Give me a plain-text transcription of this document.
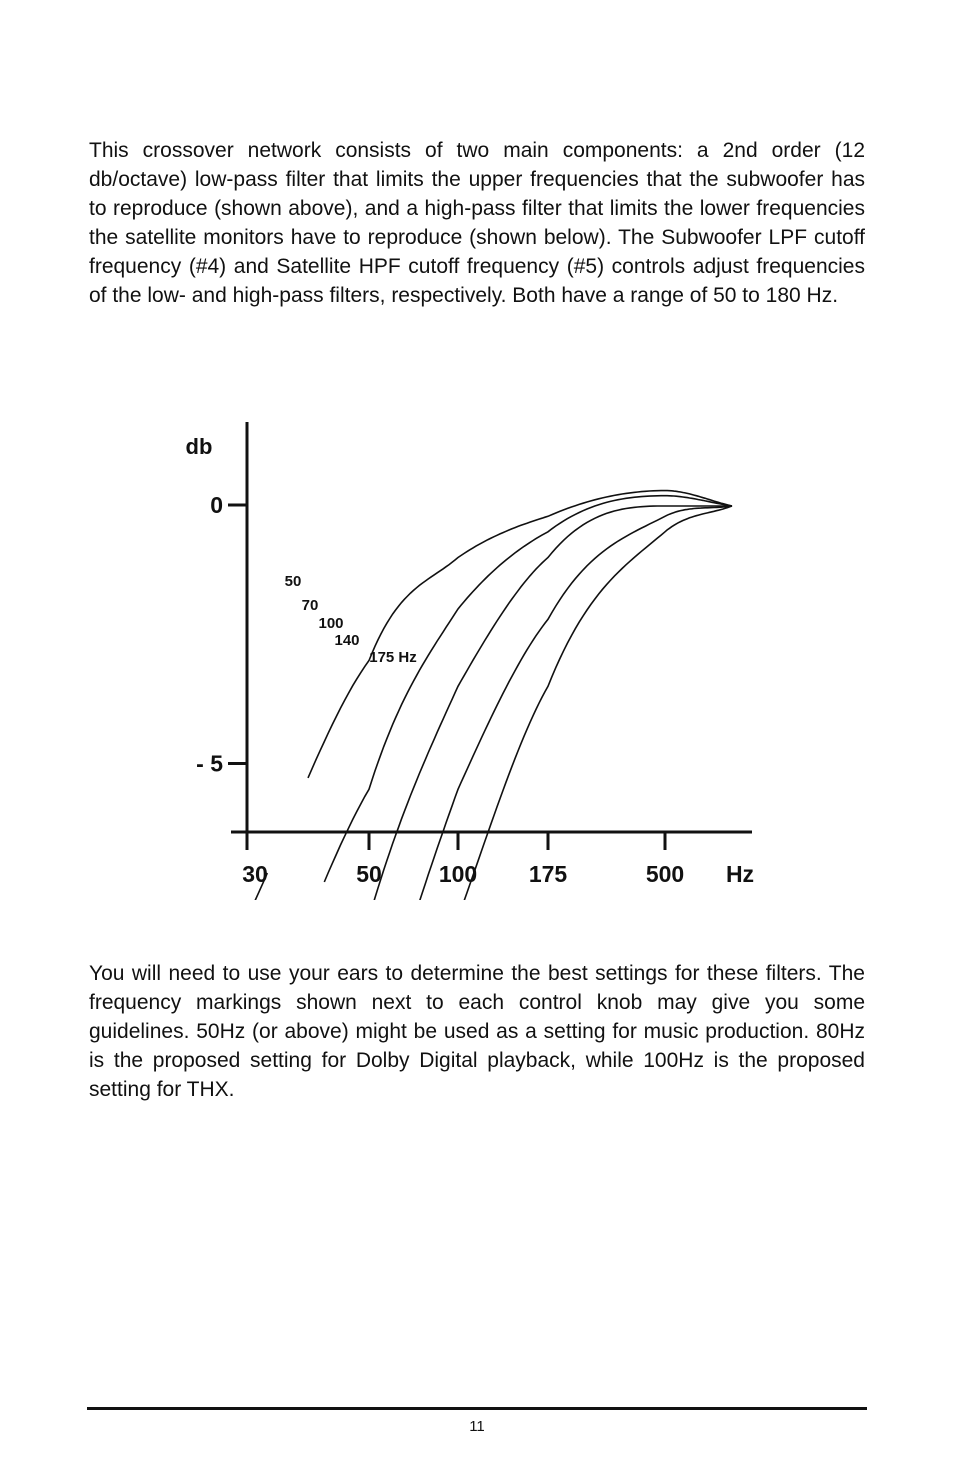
This crossover network consists of two main components: a 2nd order (12 db/octave) low-pass filter that limits the upper frequencies that the subwoofer has to reproduce (shown above), and a high-pass filter that limits the lower frequencies the satellite monitors have to reproduce (shown below). The Subwoofer LPF cutoff frequency (#4) and Satellite HPF cutoff frequency (#5) controls adjust frequencies of the low- and high-pass filters, respectively. Both have a range of 50 to 180 Hz.

db
0
- 5
30	50 100 175	500 Hz
50
70
100
140
175 Hz

You will need to use your ears to determine the best settings for these filters. The frequency markings shown next to each control knob may give you some guidelines. 50Hz (or above) might be used as a setting for music production. 80Hz is the proposed setting for Dolby Digital playback, while 100Hz is the proposed setting for THX.

11
